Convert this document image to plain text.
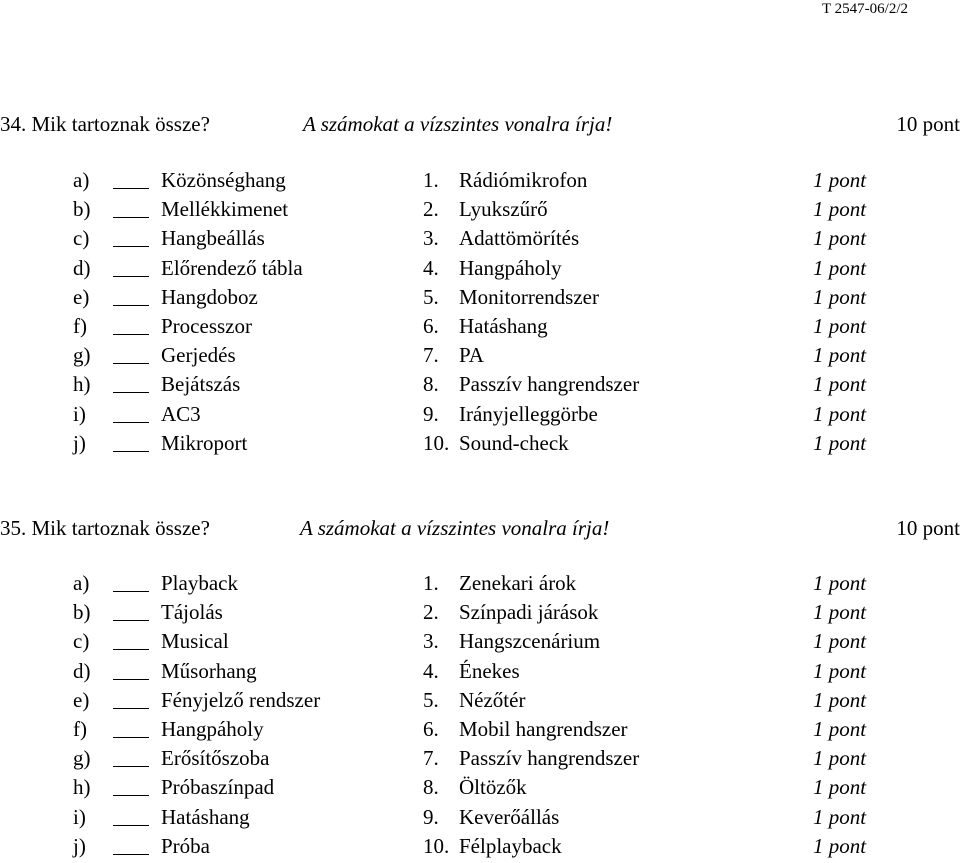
T 2547-06/2/2
34. Mik tartoznak össze?	A számokat a vízszintes vonalra írja!	10 pont
a)	Közönséghang	1. Rádiómikrofon	1 pont
b)	Mellékkimenet	2. Lyukszűrő	1 pont
c)	Hangbeállás	3. Adattömörítés	1 pont
d)	Előrendező tábla	4. Hangpáholy	1 pont
e)	Hangdoboz	5. Monitorrendszer	1 pont
f)	Processzor	6. Hatáshang	1 pont
g)	Gerjedés	7. PA	1 pont
h)	Bejátszás	8. Passzív hangrendszer	1 pont
i)	AC3	9. Irányjelleggörbe	1 pont
j)	Mikroport	10. Sound-check	1 pont
35. Mik tartoznak össze?	A számokat a vízszintes vonalra írja!	10 pont
a)	Playback	1. Zenekari árok	1 pont
b)	Tájolás	2. Színpadi járások	1 pont
c)	Musical	3. Hangszcenárium	1 pont
d)	Műsorhang	4. Énekes	1 pont
e)	Fényjelző rendszer	5. Nézőtér	1 pont
f)	Hangpáholy	6. Mobil hangrendszer	1 pont
g)	Erősítőszoba	7. Passzív hangrendszer	1 pont
h)	Próbaszínpad	8. Öltözők	1 pont
i)	Hatáshang	9. Keverőállás	1 pont
j)	Próba	10. Félplayback	1 pont
